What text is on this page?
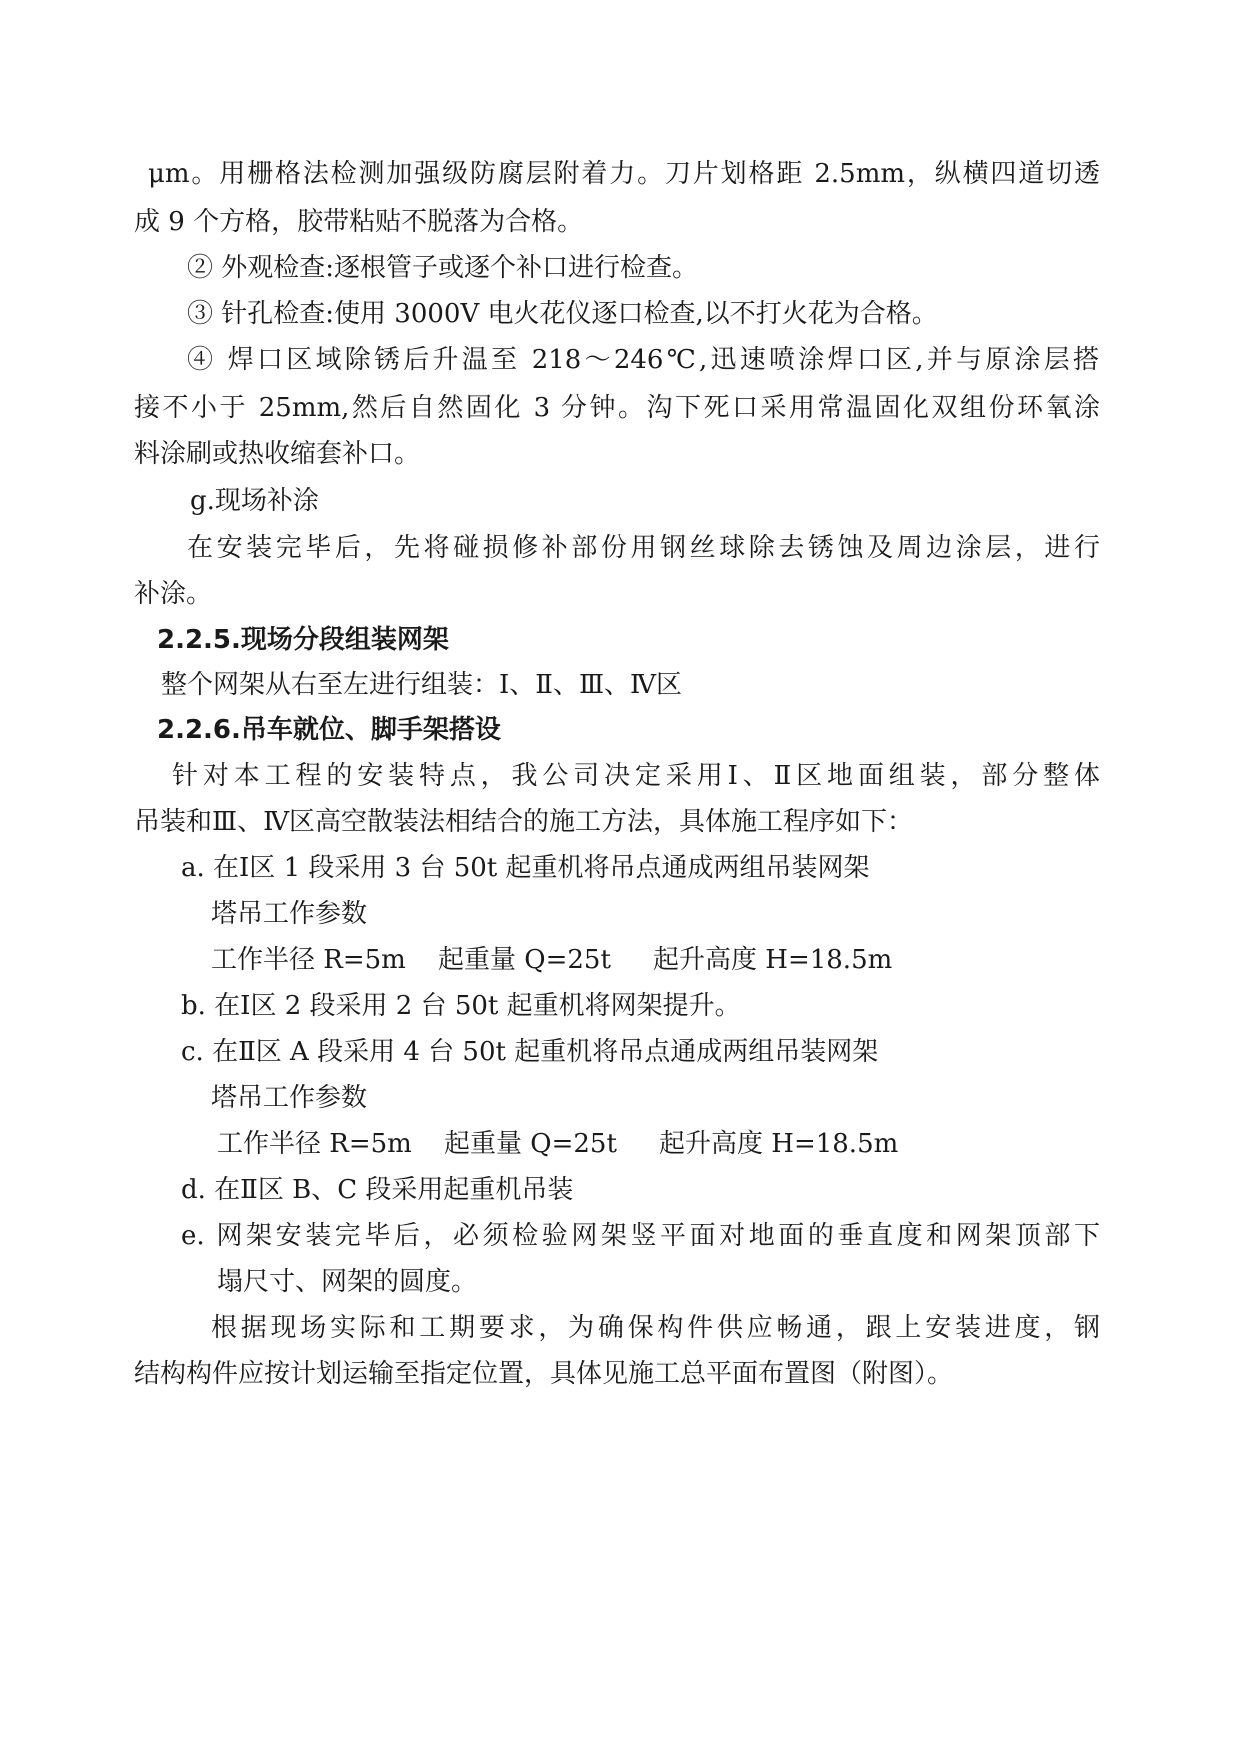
μm。用栅格法检测加强级防腐层附着力。刀片划格距 2.5mm，纵横四道切透
成 9 个方格，胶带粘贴不脱落为合格。
② 外观检查:逐根管子或逐个补口进行检查。
③ 针孔检查:使用 3000V 电火花仪逐口检查,以不打火花为合格。
④ 焊口区域除锈后升温至 218～246℃,迅速喷涂焊口区,并与原涂层搭
接不小于 25mm,然后自然固化 3 分钟。沟下死口采用常温固化双组份环氧涂
料涂刷或热收缩套补口。
g.现场补涂
在安装完毕后，先将碰损修补部份用钢丝球除去锈蚀及周边涂层，进行
补涂。
2.2.5.现场分段组装网架
整个网架从右至左进行组装：Ⅰ、Ⅱ、Ⅲ、Ⅳ区
2.2.6.吊车就位、脚手架搭设
针对本工程的安装特点，我公司决定采用Ⅰ、Ⅱ区地面组装，部分整体
吊装和Ⅲ、Ⅳ区高空散装法相结合的施工方法，具体施工程序如下：
a. 在Ⅰ区 1 段采用 3 台 50t 起重机将吊点通成两组吊装网架
塔吊工作参数
工作半径 R=5m 起重量 Q=25t 起升高度 H=18.5m
b. 在Ⅰ区 2 段采用 2 台 50t 起重机将网架提升。
c. 在Ⅱ区 A 段采用 4 台 50t 起重机将吊点通成两组吊装网架
塔吊工作参数
工作半径 R=5m 起重量 Q=25t 起升高度 H=18.5m
d. 在Ⅱ区 B、C 段采用起重机吊装
e. 网架安装完毕后，必须检验网架竖平面对地面的垂直度和网架顶部下
塌尺寸、网架的圆度。
根据现场实际和工期要求，为确保构件供应畅通，跟上安装进度，钢
结构构件应按计划运输至指定位置，具体见施工总平面布置图（附图）。
